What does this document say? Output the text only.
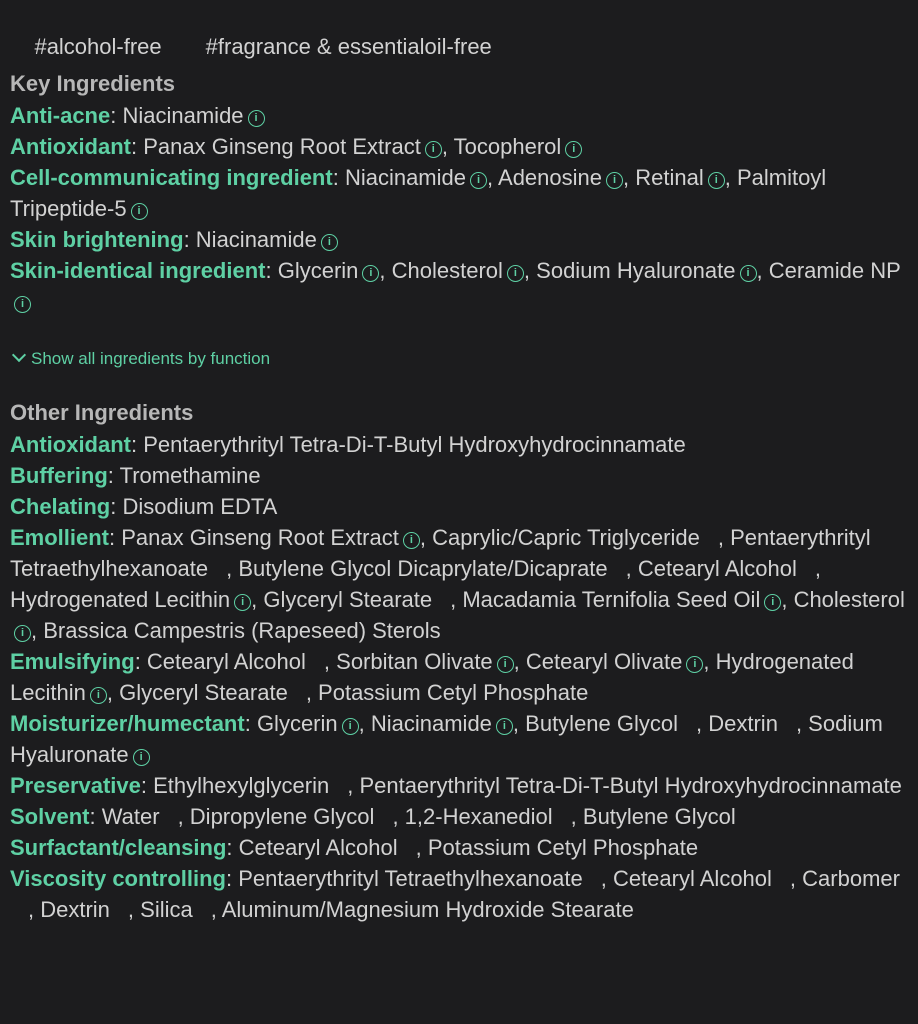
#alcohol-free #fragrance & essentialoil-free

Key Ingredients
Anti-acne: Niacinamide i
Antioxidant: Panax Ginseng Root Extract i , Tocopherol i
Cell-communicating ingredient: Niacinamide i , Adenosine i , Retinal i , Palmitoyl Tripeptide-5 i
Skin brightening: Niacinamide i
Skin-identical ingredient: Glycerin i , Cholesterol i , Sodium Hyaluronate i , Ceramide NPi
Show all ingredients by function
Other Ingredients
Antioxidant: Pentaerythrityl Tetra-Di-T-Butyl Hydroxyhydrocinnamate
Buffering: Tromethamine
Chelating: Disodium EDTA
Emollient: Panax Ginseng Root Extract i , Caprylic/Capric Triglyceride , Pentaerythrityl Tetraethylhexanoate , Butylene Glycol Dicaprylate/Dicaprate , Cetearyl Alcohol , Hydrogenated Lecithin i , Glyceryl Stearate , Macadamia Ternifolia Seed Oil i , Cholesteroli , Brassica Campestris (Rapeseed) Sterols
Emulsifying: Cetearyl Alcohol , Sorbitan Olivate i , Cetearyl Olivate i , Hydrogenated Lecithin i , Glyceryl Stearate , Potassium Cetyl Phosphate
Moisturizer/humectant: Glycerin i , Niacinamide i , Butylene Glycol , Dextrin , Sodium Hyaluronate i
Preservative: Ethylhexylglycerin , Pentaerythrityl Tetra-Di-T-Butyl Hydroxyhydrocinnamate
Solvent: Water , Dipropylene Glycol , 1,2-Hexanediol , Butylene Glycol
Surfactant/cleansing: Cetearyl Alcohol , Potassium Cetyl Phosphate
Viscosity controlling: Pentaerythrityl Tetraethylhexanoate , Cetearyl Alcohol , Carbomer, Dextrin , Silica , Aluminum/Magnesium Hydroxide Stearate
